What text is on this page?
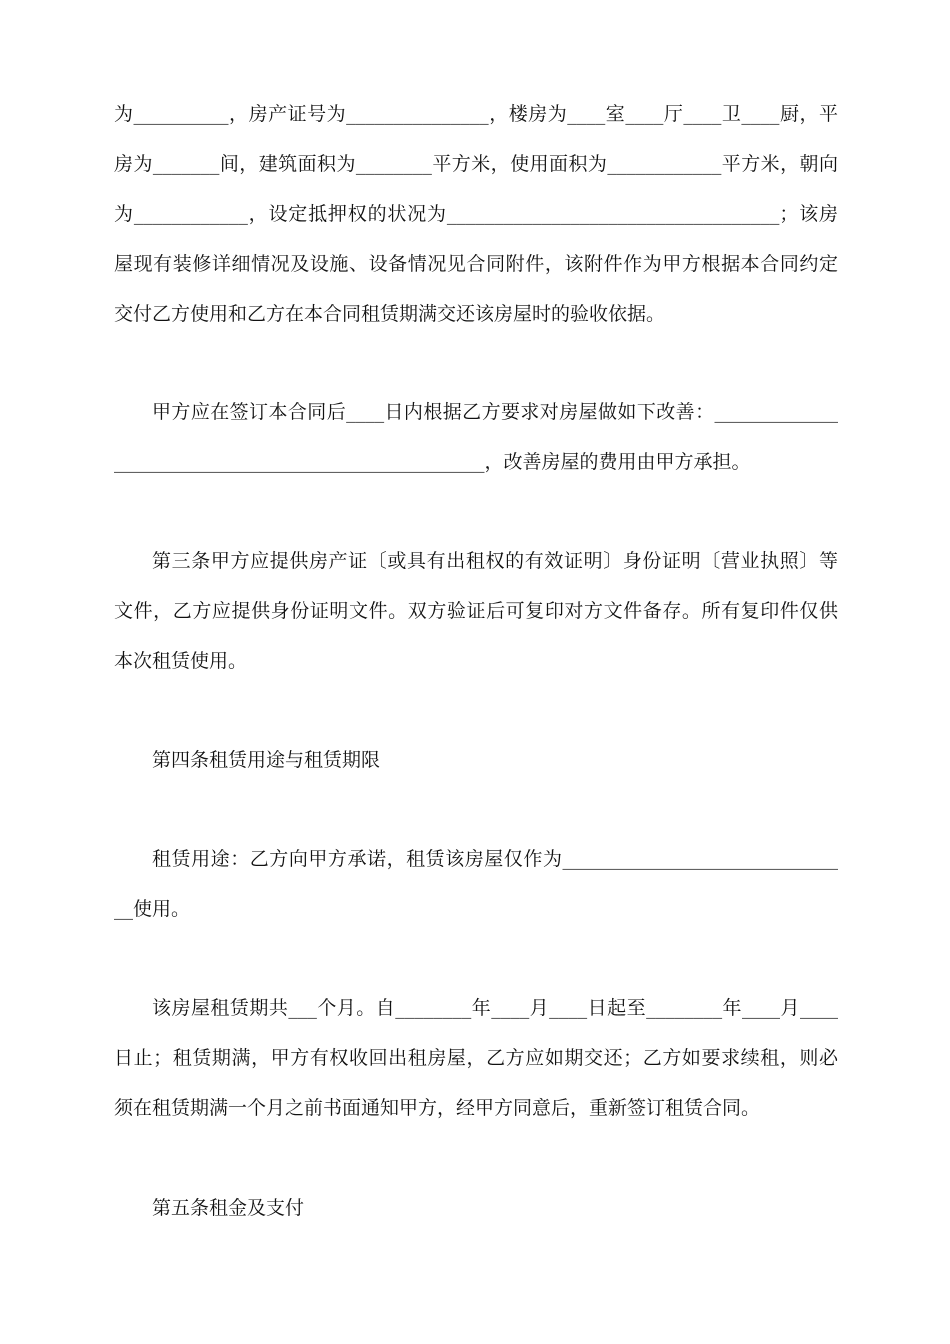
为__________，房产证号为_______________，楼房为____室____厅____卫____厨，平
房为_______间，建筑面积为________平方米，使用面积为____________平方米，朝向
为____________，设定抵押权的状况为___________________________________；该房
屋现有装修详细情况及设施、设备情况见合同附件，该附件作为甲方根据本合同约定
交付乙方使用和乙方在本合同租赁期满交还该房屋时的验收依据。
甲方应在签订本合同后____日内根据乙方要求对房屋做如下改善：_____________
_______________________________________，改善房屋的费用由甲方承担。
第三条甲方应提供房产证〔或具有出租权的有效证明〕身份证明〔营业执照〕等
文件，乙方应提供身份证明文件。双方验证后可复印对方文件备存。所有复印件仅供
本次租赁使用。
第四条租赁用途与租赁期限
租赁用途：乙方向甲方承诺，租赁该房屋仅作为_____________________________
__使用。
该房屋租赁期共___个月。自________年____月____日起至________年____月____
日止；租赁期满，甲方有权收回出租房屋，乙方应如期交还；乙方如要求续租，则必
须在租赁期满一个月之前书面通知甲方，经甲方同意后，重新签订租赁合同。
第五条租金及支付
